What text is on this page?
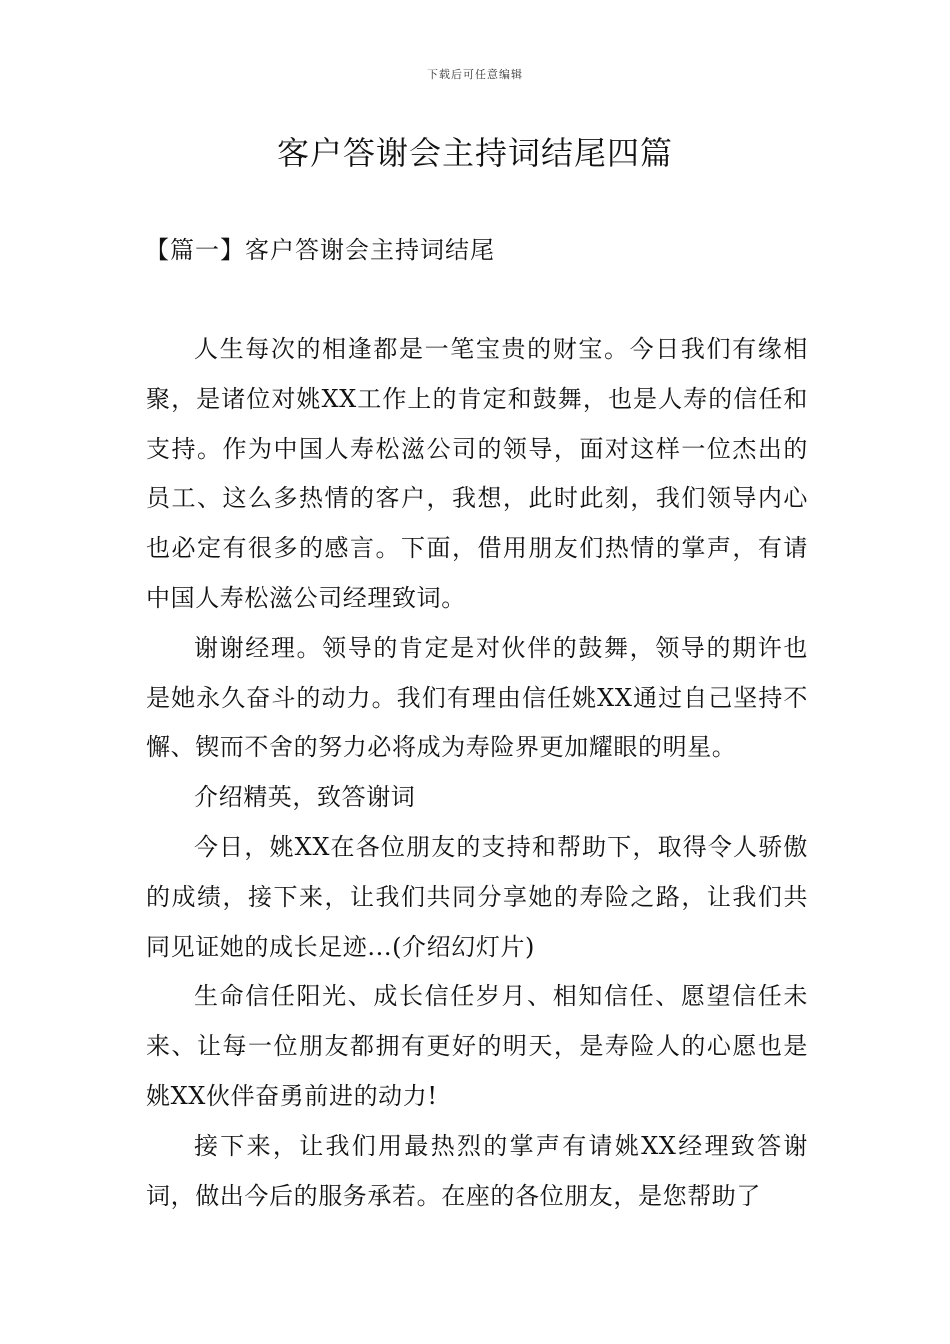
下载后可任意编辑
客户答谢会主持词结尾四篇
【篇一】客户答谢会主持词结尾

人生每次的相逢都是一笔宝贵的财宝。今日我们有缘相聚，是诸位对姚XX工作上的肯定和鼓舞，也是人寿的信任和支持。作为中国人寿松滋公司的领导，面对这样一位杰出的员工、这么多热情的客户，我想，此时此刻，我们领导内心也必定有很多的感言。下面，借用朋友们热情的掌声，有请中国人寿松滋公司经理致词。

谢谢经理。领导的肯定是对伙伴的鼓舞，领导的期许也是她永久奋斗的动力。我们有理由信任姚XX通过自己坚持不懈、锲而不舍的努力必将成为寿险界更加耀眼的明星。

介绍精英，致答谢词

今日，姚XX在各位朋友的支持和帮助下，取得令人骄傲的成绩，接下来，让我们共同分享她的寿险之路，让我们共同见证她的成长足迹...(介绍幻灯片)

生命信任阳光、成长信任岁月、相知信任、愿望信任未来、让每一位朋友都拥有更好的明天，是寿险人的心愿也是姚XX伙伴奋勇前进的动力!

接下来，让我们用最热烈的掌声有请姚XX经理致答谢词，做出今后的服务承若。在座的各位朋友，是您帮助了
